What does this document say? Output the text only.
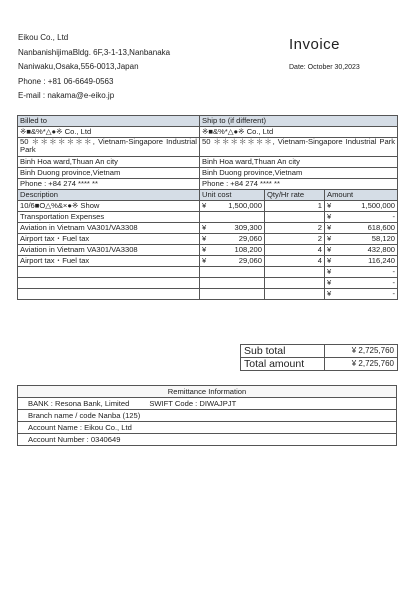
Eikou Co., Ltd
NanbanishijimaBldg. 6F,3-1-13,Nanbanaka
Naniwaku,Osaka,556-0013,Japan
Phone : +81 06-6649-0563
E-mail : nakama@e-eiko.jp
Invoice
Date: October 30,2023
Billed to	Ship to (if different)		
※■&%*△●※ Co., Ltd	※■&%*△●※ Co., Ltd		
50 ＊＊＊＊＊＊＊, Vietnam-Singapore Industrial Park	50 ＊＊＊＊＊＊＊, Vietnam-Singapore Industrial Park		
Binh Hoa ward,Thuan An city	Binh Hoa ward,Thuan An city		
Binh Duong province,Vietnam	Binh Duong province,Vietnam		
Phone : +84 274 **** **	Phone : +84 274 **** **		
Description	Unit cost	Qty/Hr rate	Amount
10/6■O△%&×●※ Show	¥ 1,500,000	1	¥ 1,500,000
Transportation Expenses			¥ -
Aviation in Vietnam VA301/VA3308	¥ 309,300	2	¥ 618,600
Airport tax・Fuel tax	¥ 29,060	2	¥ 58,120
Aviation in Vietnam VA301/VA3308	¥ 108,200	4	¥ 432,800
Airport tax・Fuel tax	¥ 29,060	4	¥ 116,240

			¥ -

			¥ -

			¥ -
Sub total	¥ 2,725,760
Total amount	¥ 2,725,760
Remittance Information
BANK : Resona Bank, Limited	SWIFT Code : DIWAJPJT
Branch name / code Nanba (125)
Account Name : Eikou Co., Ltd
Account Number : 0340649
